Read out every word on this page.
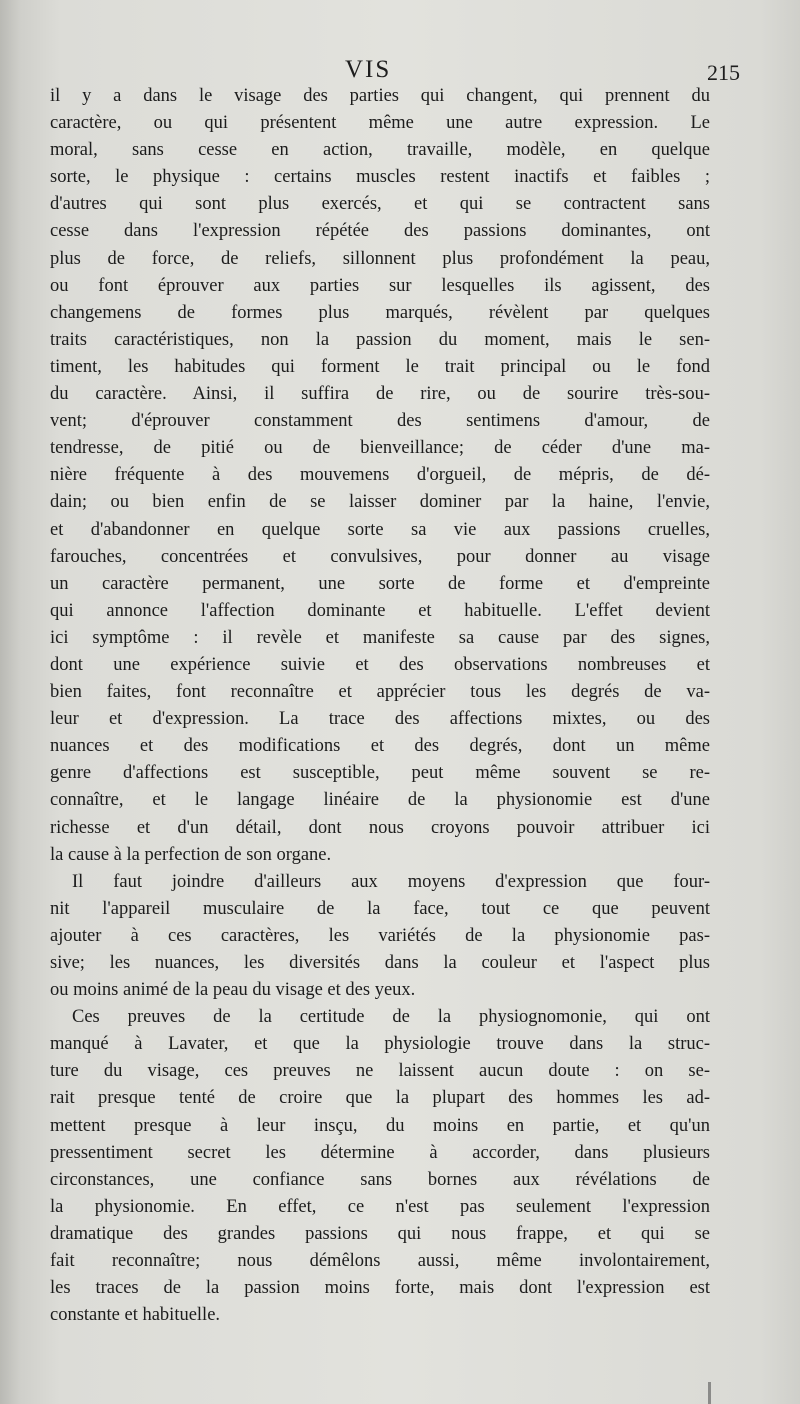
VIS	215
il y a dans le visage des parties qui changent, qui prennent du
caractère, ou qui présentent même une autre expression. Le
moral, sans cesse en action, travaille, modèle, en quelque
sorte, le physique : certains muscles restent inactifs et faibles ;
d'autres qui sont plus exercés, et qui se contractent sans
cesse dans l'expression répétée des passions dominantes, ont
plus de force, de reliefs, sillonnent plus profondément la peau,
ou font éprouver aux parties sur lesquelles ils agissent, des
changemens de formes plus marqués, révèlent par quelques
traits caractéristiques, non la passion du moment, mais le sen-
timent, les habitudes qui forment le trait principal ou le fond
du caractère. Ainsi, il suffira de rire, ou de sourire très-sou-
vent; d'éprouver constamment des sentimens d'amour, de
tendresse, de pitié ou de bienveillance; de céder d'une ma-
nière fréquente à des mouvemens d'orgueil, de mépris, de dé-
dain; ou bien enfin de se laisser dominer par la haine, l'envie,
et d'abandonner en quelque sorte sa vie aux passions cruelles,
farouches, concentrées et convulsives, pour donner au visage
un caractère permanent, une sorte de forme et d'empreinte
qui annonce l'affection dominante et habituelle. L'effet devient
ici symptôme : il revèle et manifeste sa cause par des signes,
dont une expérience suivie et des observations nombreuses et
bien faites, font reconnaître et apprécier tous les degrés de va-
leur et d'expression. La trace des affections mixtes, ou des
nuances et des modifications et des degrés, dont un même
genre d'affections est susceptible, peut même souvent se re-
connaître, et le langage linéaire de la physionomie est d'une
richesse et d'un détail, dont nous croyons pouvoir attribuer ici
la cause à la perfection de son organe.
Il faut joindre d'ailleurs aux moyens d'expression que four-
nit l'appareil musculaire de la face, tout ce que peuvent
ajouter à ces caractères, les variétés de la physionomie pas-
sive; les nuances, les diversités dans la couleur et l'aspect plus
ou moins animé de la peau du visage et des yeux.
Ces preuves de la certitude de la physiognomonie, qui ont
manqué à Lavater, et que la physiologie trouve dans la struc-
ture du visage, ces preuves ne laissent aucun doute : on se-
rait presque tenté de croire que la plupart des hommes les ad-
mettent presque à leur insçu, du moins en partie, et qu'un
pressentiment secret les détermine à accorder, dans plusieurs
circonstances, une confiance sans bornes aux révélations de
la physionomie. En effet, ce n'est pas seulement l'expression
dramatique des grandes passions qui nous frappe, et qui se
fait reconnaître; nous démêlons aussi, même involontairement,
les traces de la passion moins forte, mais dont l'expression est
constante et habituelle.
